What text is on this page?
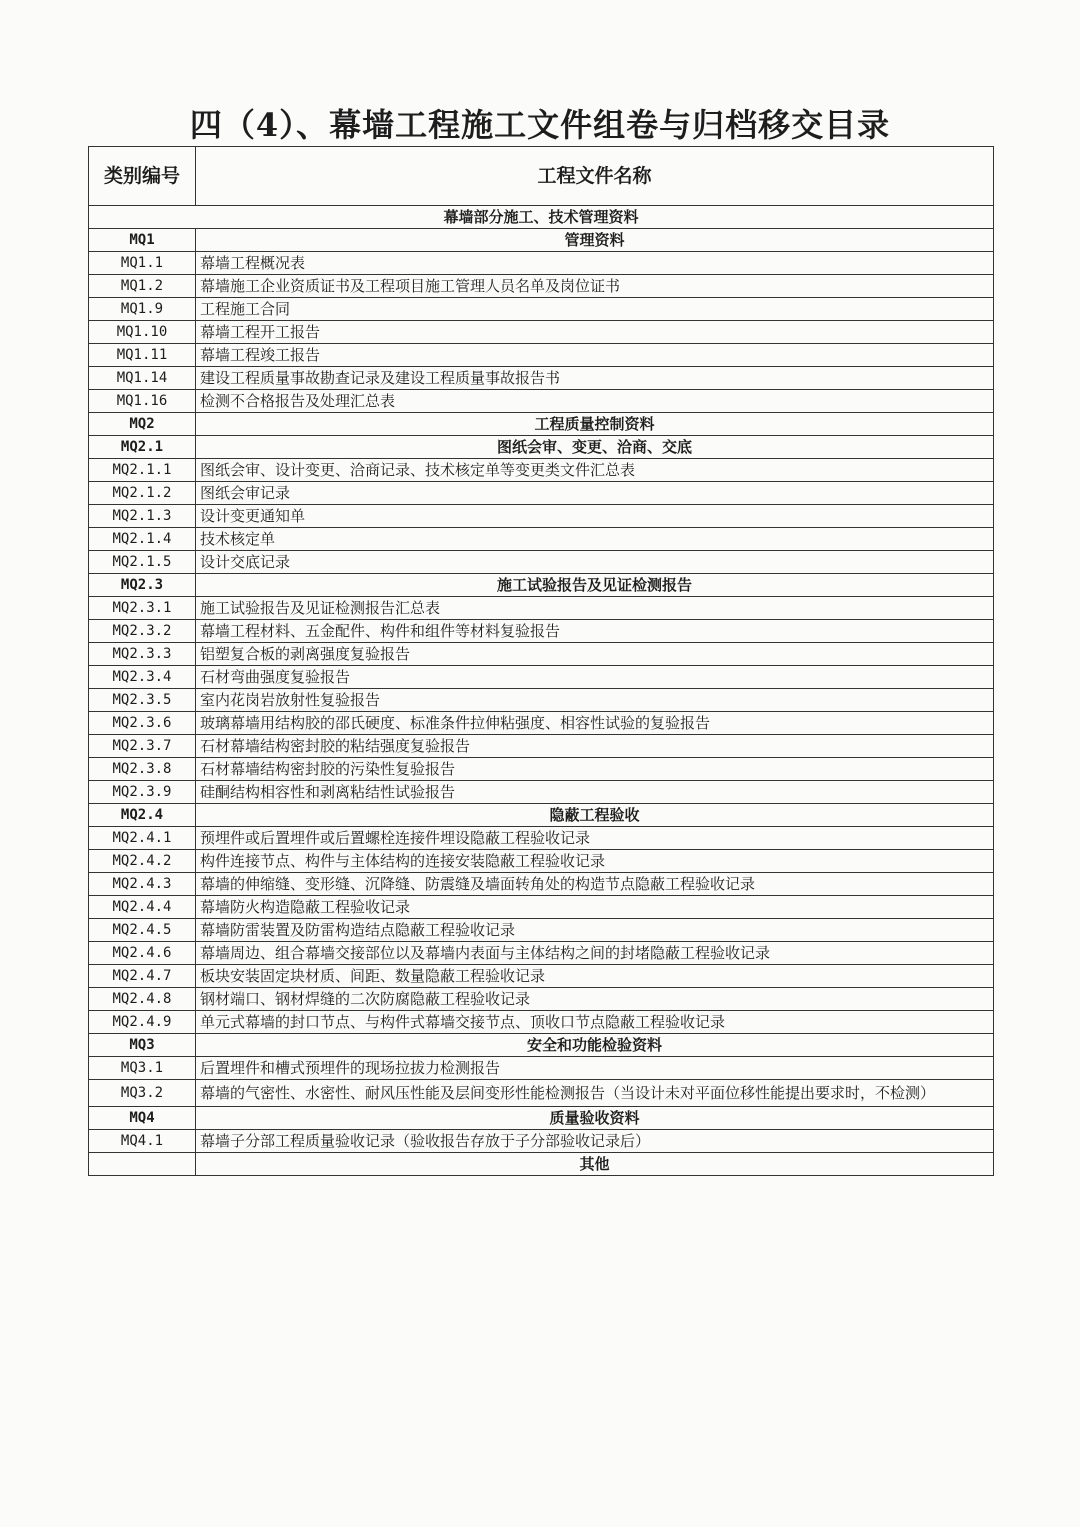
四（4）、幕墙工程施工文件组卷与归档移交目录
类别编号	工程文件名称
幕墙部分施工、技术管理资料	
MQ1	管理资料
MQ1.1	幕墙工程概况表
MQ1.2	幕墙施工企业资质证书及工程项目施工管理人员名单及岗位证书
MQ1.9	工程施工合同
MQ1.10	幕墙工程开工报告
MQ1.11	幕墙工程竣工报告
MQ1.14	建设工程质量事故勘查记录及建设工程质量事故报告书
MQ1.16	检测不合格报告及处理汇总表
MQ2	工程质量控制资料
MQ2.1	图纸会审、变更、洽商、交底
MQ2.1.1	图纸会审、设计变更、洽商记录、技术核定单等变更类文件汇总表
MQ2.1.2	图纸会审记录
MQ2.1.3	设计变更通知单
MQ2.1.4	技术核定单
MQ2.1.5	设计交底记录
MQ2.3	施工试验报告及见证检测报告
MQ2.3.1	施工试验报告及见证检测报告汇总表
MQ2.3.2	幕墙工程材料、五金配件、构件和组件等材料复验报告
MQ2.3.3	铝塑复合板的剥离强度复验报告
MQ2.3.4	石材弯曲强度复验报告
MQ2.3.5	室内花岗岩放射性复验报告
MQ2.3.6	玻璃幕墙用结构胶的邵氏硬度、标准条件拉伸粘强度、相容性试验的复验报告
MQ2.3.7	石材幕墙结构密封胶的粘结强度复验报告
MQ2.3.8	石材幕墙结构密封胶的污染性复验报告
MQ2.3.9	硅酮结构相容性和剥离粘结性试验报告
MQ2.4	隐蔽工程验收
MQ2.4.1	预埋件或后置埋件或后置螺栓连接件埋设隐蔽工程验收记录
MQ2.4.2	构件连接节点、构件与主体结构的连接安装隐蔽工程验收记录
MQ2.4.3	幕墙的伸缩缝、变形缝、沉降缝、防震缝及墙面转角处的构造节点隐蔽工程验收记录
MQ2.4.4	幕墙防火构造隐蔽工程验收记录
MQ2.4.5	幕墙防雷装置及防雷构造结点隐蔽工程验收记录
MQ2.4.6	幕墙周边、组合幕墙交接部位以及幕墙内表面与主体结构之间的封堵隐蔽工程验收记录
MQ2.4.7	板块安装固定块材质、间距、数量隐蔽工程验收记录
MQ2.4.8	钢材端口、钢材焊缝的二次防腐隐蔽工程验收记录
MQ2.4.9	单元式幕墙的封口节点、与构件式幕墙交接节点、顶收口节点隐蔽工程验收记录
MQ3	安全和功能检验资料
MQ3.1	后置埋件和槽式预埋件的现场拉拔力检测报告
MQ3.2	幕墙的气密性、水密性、耐风压性能及层间变形性能检测报告（当设计未对平面位移性能提出要求时，不检测）
MQ4	质量验收资料
MQ4.1	幕墙子分部工程质量验收记录（验收报告存放于子分部验收记录后）
	其他
